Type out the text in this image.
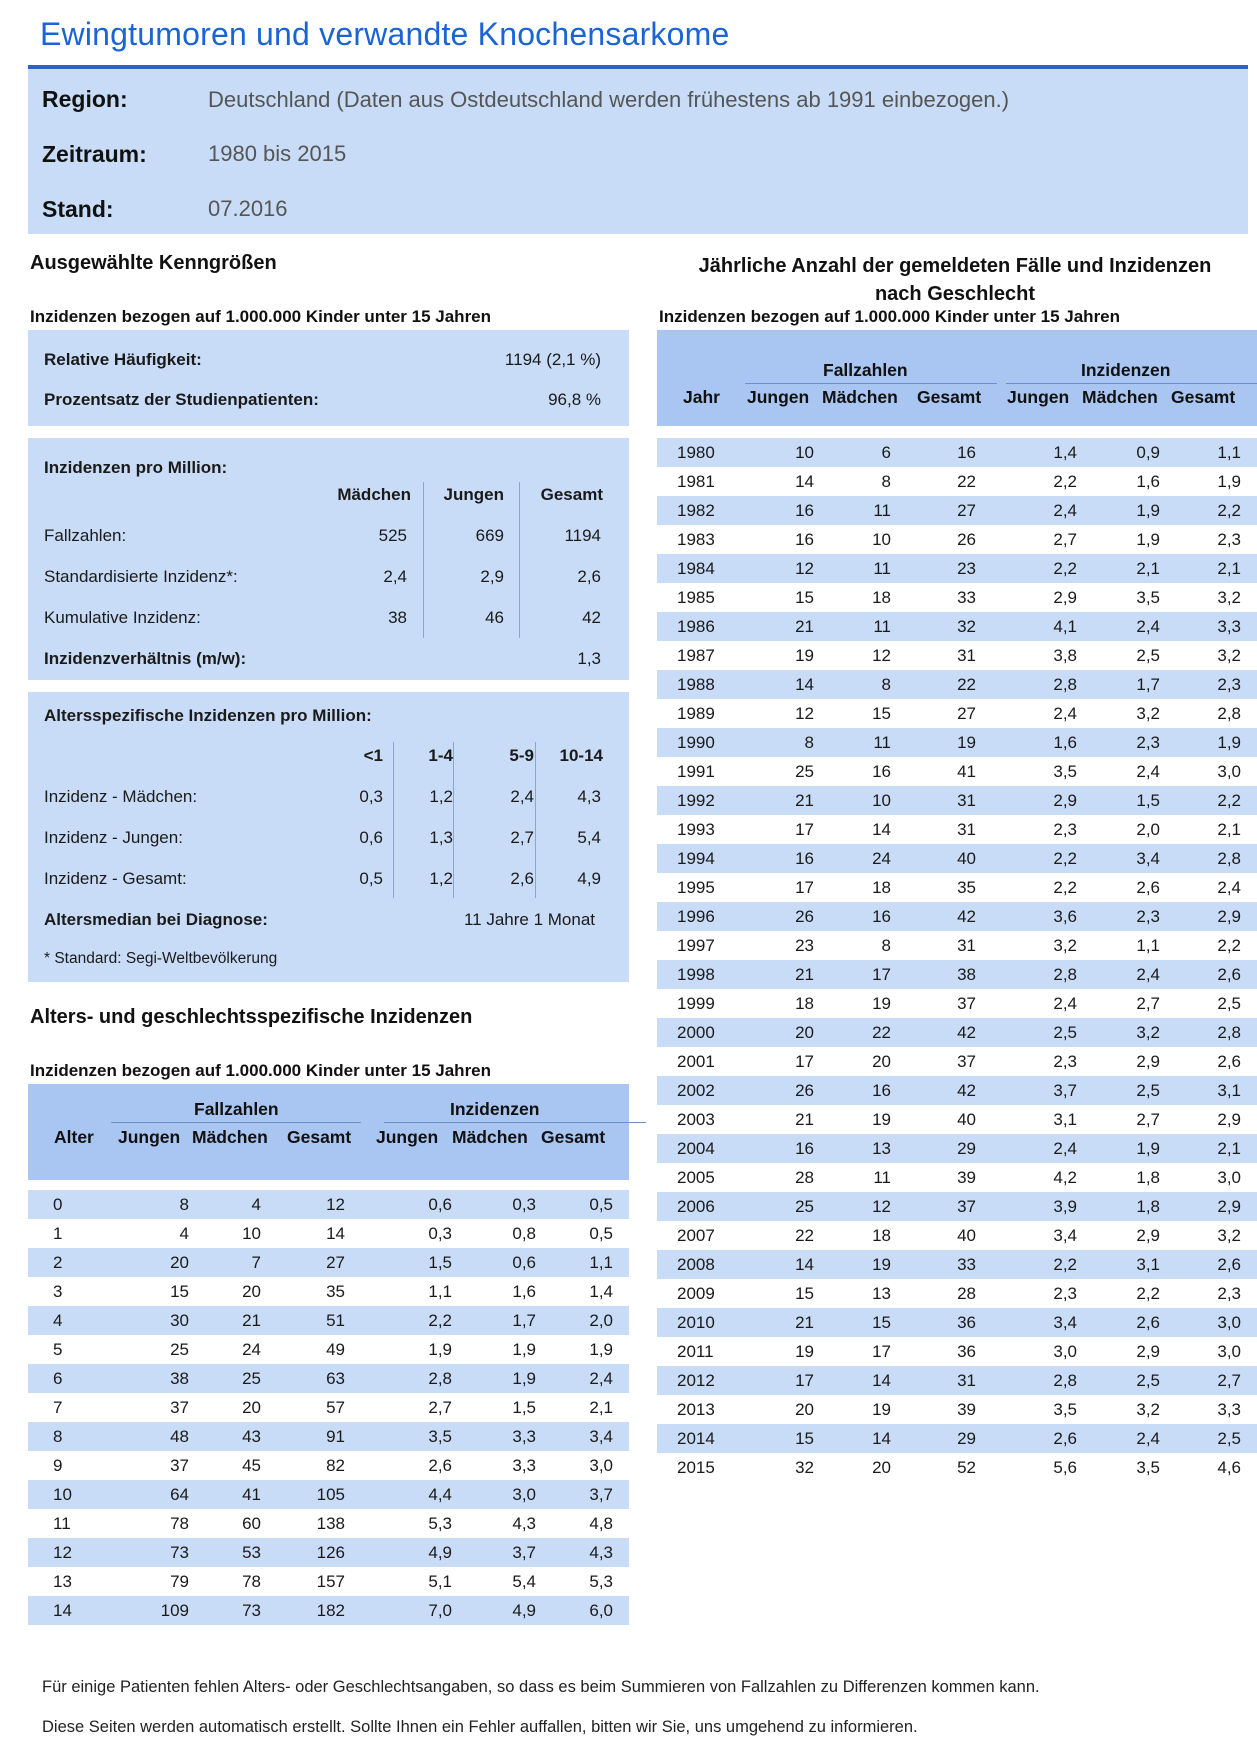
Ewingtumoren und verwandte Knochensarkome
Region:	Deutschland (Daten aus Ostdeutschland werden frühestens ab 1991 einbezogen.)
Zeitraum:	1980 bis 2015
Stand:	07.2016
Ausgewählte Kenngrößen
Inzidenzen bezogen auf 1.000.000 Kinder unter 15 Jahren
Relative Häufigkeit:	1194 (2,1 %)
Prozentsatz der Studienpatienten:	96,8 %
Inzidenzen pro Million:
Mädchen Jungen Gesamt
Fallzahlen:	525	669	1194
Standardisierte Inzidenz*:	2,4	2,9	2,6
Kumulative Inzidenz:	38	46	42
Inzidenzverhältnis (m/w):	1,3
Altersspezifische Inzidenzen pro Million:
<1	1-4	5-9 10-14
Inzidenz - Mädchen:	0,3	1,2	2,4	4,3
Inzidenz - Jungen:	0,6	1,3	2,7	5,4
Inzidenz - Gesamt:	0,5	1,2	2,6	4,9
Altersmedian bei Diagnose:	11 Jahre 1 Monat
* Standard: Segi-Weltbevölkerung
Alters- und geschlechtsspezifische Inzidenzen
Inzidenzen bezogen auf 1.000.000 Kinder unter 15 Jahren
Fallzahlen	Inzidenzen
Alter Jungen Mädchen Gesamt Jungen Mädchen Gesamt
0	8	4	12	0,6	0,3	0,5
1	4	10	14	0,3	0,8	0,5
2	20	7	27	1,5	0,6	1,1
3	15	20	35	1,1	1,6	1,4
4	30	21	51	2,2	1,7	2,0
5	25	24	49	1,9	1,9	1,9
6	38	25	63	2,8	1,9	2,4
7	37	20	57	2,7	1,5	2,1
8	48	43	91	3,5	3,3	3,4
9	37	45	82	2,6	3,3	3,0
10	64	41	105	4,4	3,0	3,7
11	78	60	138	5,3	4,3	4,8
12	73	53	126	4,9	3,7	4,3
13	79	78	157	5,1	5,4	5,3
14	109	73	182	7,0	4,9	6,0
Jährliche Anzahl der gemeldeten Fälle und Inzidenzen
nach Geschlecht
Inzidenzen bezogen auf 1.000.000 Kinder unter 15 Jahren
Fallzahlen	Inzidenzen
Jahr Jungen Mädchen Gesamt Jungen Mädchen Gesamt
1980	10	6	16	1,4	0,9	1,1
1981	14	8	22	2,2	1,6	1,9
1982	16	11	27	2,4	1,9	2,2
1983	16	10	26	2,7	1,9	2,3
1984	12	11	23	2,2	2,1	2,1
1985	15	18	33	2,9	3,5	3,2
1986	21	11	32	4,1	2,4	3,3
1987	19	12	31	3,8	2,5	3,2
1988	14	8	22	2,8	1,7	2,3
1989	12	15	27	2,4	3,2	2,8
1990	8	11	19	1,6	2,3	1,9
1991	25	16	41	3,5	2,4	3,0
1992	21	10	31	2,9	1,5	2,2
1993	17	14	31	2,3	2,0	2,1
1994	16	24	40	2,2	3,4	2,8
1995	17	18	35	2,2	2,6	2,4
1996	26	16	42	3,6	2,3	2,9
1997	23	8	31	3,2	1,1	2,2
1998	21	17	38	2,8	2,4	2,6
1999	18	19	37	2,4	2,7	2,5
2000	20	22	42	2,5	3,2	2,8
2001	17	20	37	2,3	2,9	2,6
2002	26	16	42	3,7	2,5	3,1
2003	21	19	40	3,1	2,7	2,9
2004	16	13	29	2,4	1,9	2,1
2005	28	11	39	4,2	1,8	3,0
2006	25	12	37	3,9	1,8	2,9
2007	22	18	40	3,4	2,9	3,2
2008	14	19	33	2,2	3,1	2,6
2009	15	13	28	2,3	2,2	2,3
2010	21	15	36	3,4	2,6	3,0
2011	19	17	36	3,0	2,9	3,0
2012	17	14	31	2,8	2,5	2,7
2013	20	19	39	3,5	3,2	3,3
2014	15	14	29	2,6	2,4	2,5
2015	32	20	52	5,6	3,5	4,6
Für einige Patienten fehlen Alters- oder Geschlechtsangaben, so dass es beim Summieren von Fallzahlen zu Differenzen kommen kann.
Diese Seiten werden automatisch erstellt. Sollte Ihnen ein Fehler auffallen, bitten wir Sie, uns umgehend zu informieren.
